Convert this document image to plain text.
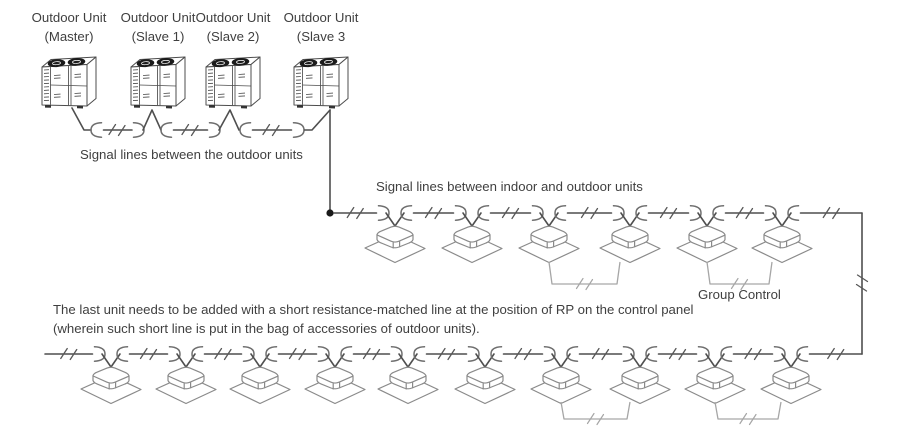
Outdoor Unit
(Master)
Outdoor Unit
(Slave 1)
Outdoor Unit
(Slave 2)
Outdoor Unit
(Slave 3
Signal lines between the outdoor units
Signal lines between indoor and outdoor units
Group Control
The last unit needs to be added with a short resistance-matched line at the position of RP on the control panel
(wherein such short line is put in the bag of accessories of outdoor units).
